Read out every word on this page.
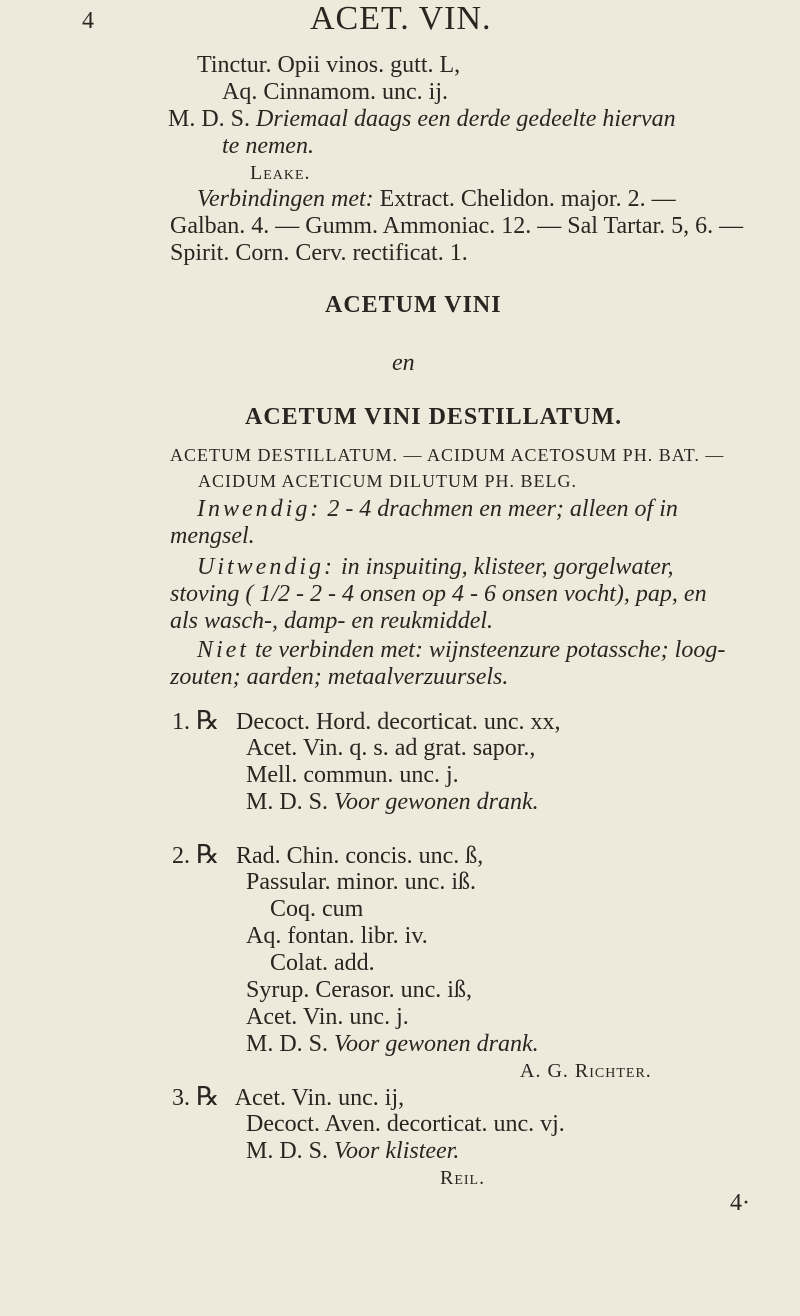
4	ACET. VIN.
Tinctur. Opii vinos. gutt. L,
Aq. Cinnamom. unc. ij.
M. D. S. Driemaal daags een derde gedeelte hiervan
te nemen.
Leake.
Verbindingen met: Extract. Chelidon. major. 2. —
Galban. 4. — Gumm. Ammoniac. 12. — Sal Tartar. 5, 6. —
Spirit. Corn. Cerv. rectificat. 1.
ACETUM VINI
en
ACETUM VINI DESTILLATUM.
ACETUM DESTILLATUM. — ACIDUM ACETOSUM PH. BAT. —
ACIDUM ACETICUM DILUTUM PH. BELG.
Inwendig: 2 - 4 drachmen en meer; alleen of in
mengsel.
Uitwendig: in inspuiting, klisteer, gorgelwater,
stoving ( 1/2 - 2 - 4 onsen op 4 - 6 onsen vocht), pap, en
als wasch-, damp- en reukmiddel.
Niet te verbinden met: wijnsteenzure potassche; loog-
zouten; aarden; metaalverzuursels.
1. ℞ Decoct. Hord. decorticat. unc. xx,
Acet. Vin. q. s. ad grat. sapor.,
Mell. commun. unc. j.
M. D. S. Voor gewonen drank.
2. ℞ Rad. Chin. concis. unc. ß,
Passular. minor. unc. iß.
Coq. cum
Aq. fontan. libr. iv.
Colat. add.
Syrup. Cerasor. unc. iß,
Acet. Vin. unc. j.
M. D. S. Voor gewonen drank.
A. G. Richter.
3. ℞ Acet. Vin. unc. ij,
Decoct. Aven. decorticat. unc. vj.
M. D. S. Voor klisteer.
Reil.
4·
